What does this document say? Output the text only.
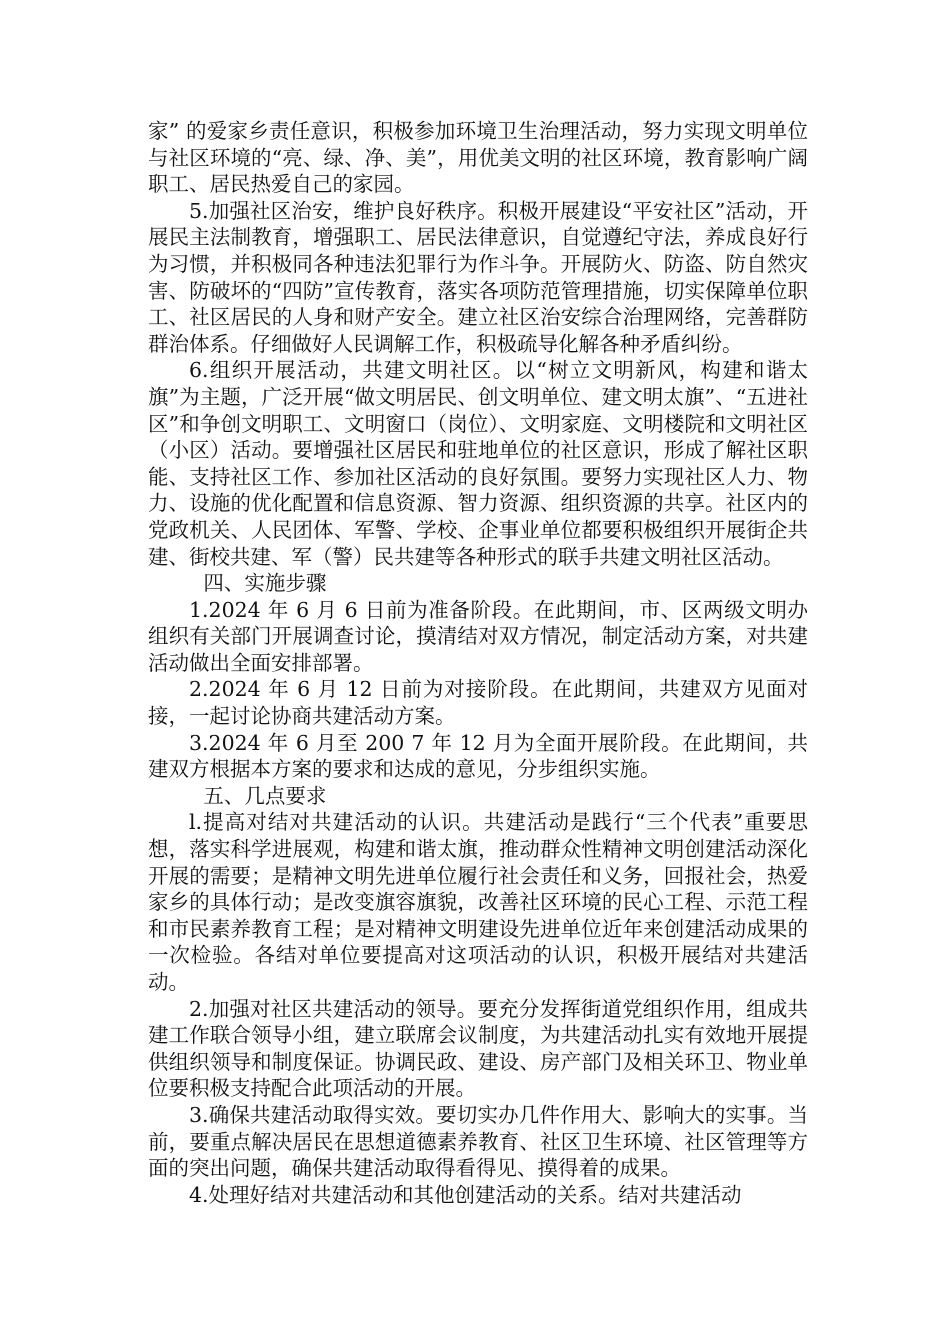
家” 的爱家乡责任意识，积极参加环境卫生治理活动，努力实现文明单位与社区环境的“亮、绿、净、美”，用优美文明的社区环境，教育影响广阔职工、居民热爱自己的家园。

5.加强社区治安，维护良好秩序。积极开展建设“平安社区”活动，开展民主法制教育，增强职工、居民法律意识，自觉遵纪守法，养成良好行为习惯，并积极同各种违法犯罪行为作斗争。开展防火、防盗、防自然灾害、防破坏的“四防”宣传教育，落实各项防范管理措施，切实保障单位职工、社区居民的人身和财产安全。建立社区治安综合治理网络，完善群防群治体系。仔细做好人民调解工作，积极疏导化解各种矛盾纠纷。

6.组织开展活动，共建文明社区。以“树立文明新风，构建和谐太旗”为主题，广泛开展“做文明居民、创文明单位、建文明太旗”、“五进社区”和争创文明职工、文明窗口（岗位）、文明家庭、文明楼院和文明社区（小区）活动。要增强社区居民和驻地单位的社区意识，形成了解社区职能、支持社区工作、参加社区活动的良好氛围。要努力实现社区人力、物力、设施的优化配置和信息资源、智力资源、组织资源的共享。社区内的党政机关、人民团体、军警、学校、企事业单位都要积极组织开展街企共建、街校共建、军（警）民共建等各种形式的联手共建文明社区活动。

四、实施步骤

1.2024 年 6 月 6 日前为准备阶段。在此期间，市、区两级文明办组织有关部门开展调查讨论，摸清结对双方情况，制定活动方案，对共建活动做出全面安排部署。

2.2024 年 6 月 12 日前为对接阶段。在此期间，共建双方见面对接，一起讨论协商共建活动方案。

3.2024 年 6 月至 200 7 年 12 月为全面开展阶段。在此期间，共建双方根据本方案的要求和达成的意见，分步组织实施。

五、几点要求

l.提高对结对共建活动的认识。共建活动是践行“三个代表”重要思想，落实科学进展观，构建和谐太旗，推动群众性精神文明创建活动深化开展的需要；是精神文明先进单位履行社会责任和义务，回报社会，热爱家乡的具体行动；是改变旗容旗貌，改善社区环境的民心工程、示范工程和市民素养教育工程；是对精神文明建设先进单位近年来创建活动成果的一次检验。各结对单位要提高对这项活动的认识，积极开展结对共建活动。

2.加强对社区共建活动的领导。要充分发挥街道党组织作用，组成共建工作联合领导小组，建立联席会议制度，为共建活动扎实有效地开展提供组织领导和制度保证。协调民政、建设、房产部门及相关环卫、物业单位要积极支持配合此项活动的开展。

3.确保共建活动取得实效。要切实办几件作用大、影响大的实事。当前，要重点解决居民在思想道德素养教育、社区卫生环境、社区管理等方面的突出问题，确保共建活动取得看得见、摸得着的成果。

4.处理好结对共建活动和其他创建活动的关系。结对共建活动
